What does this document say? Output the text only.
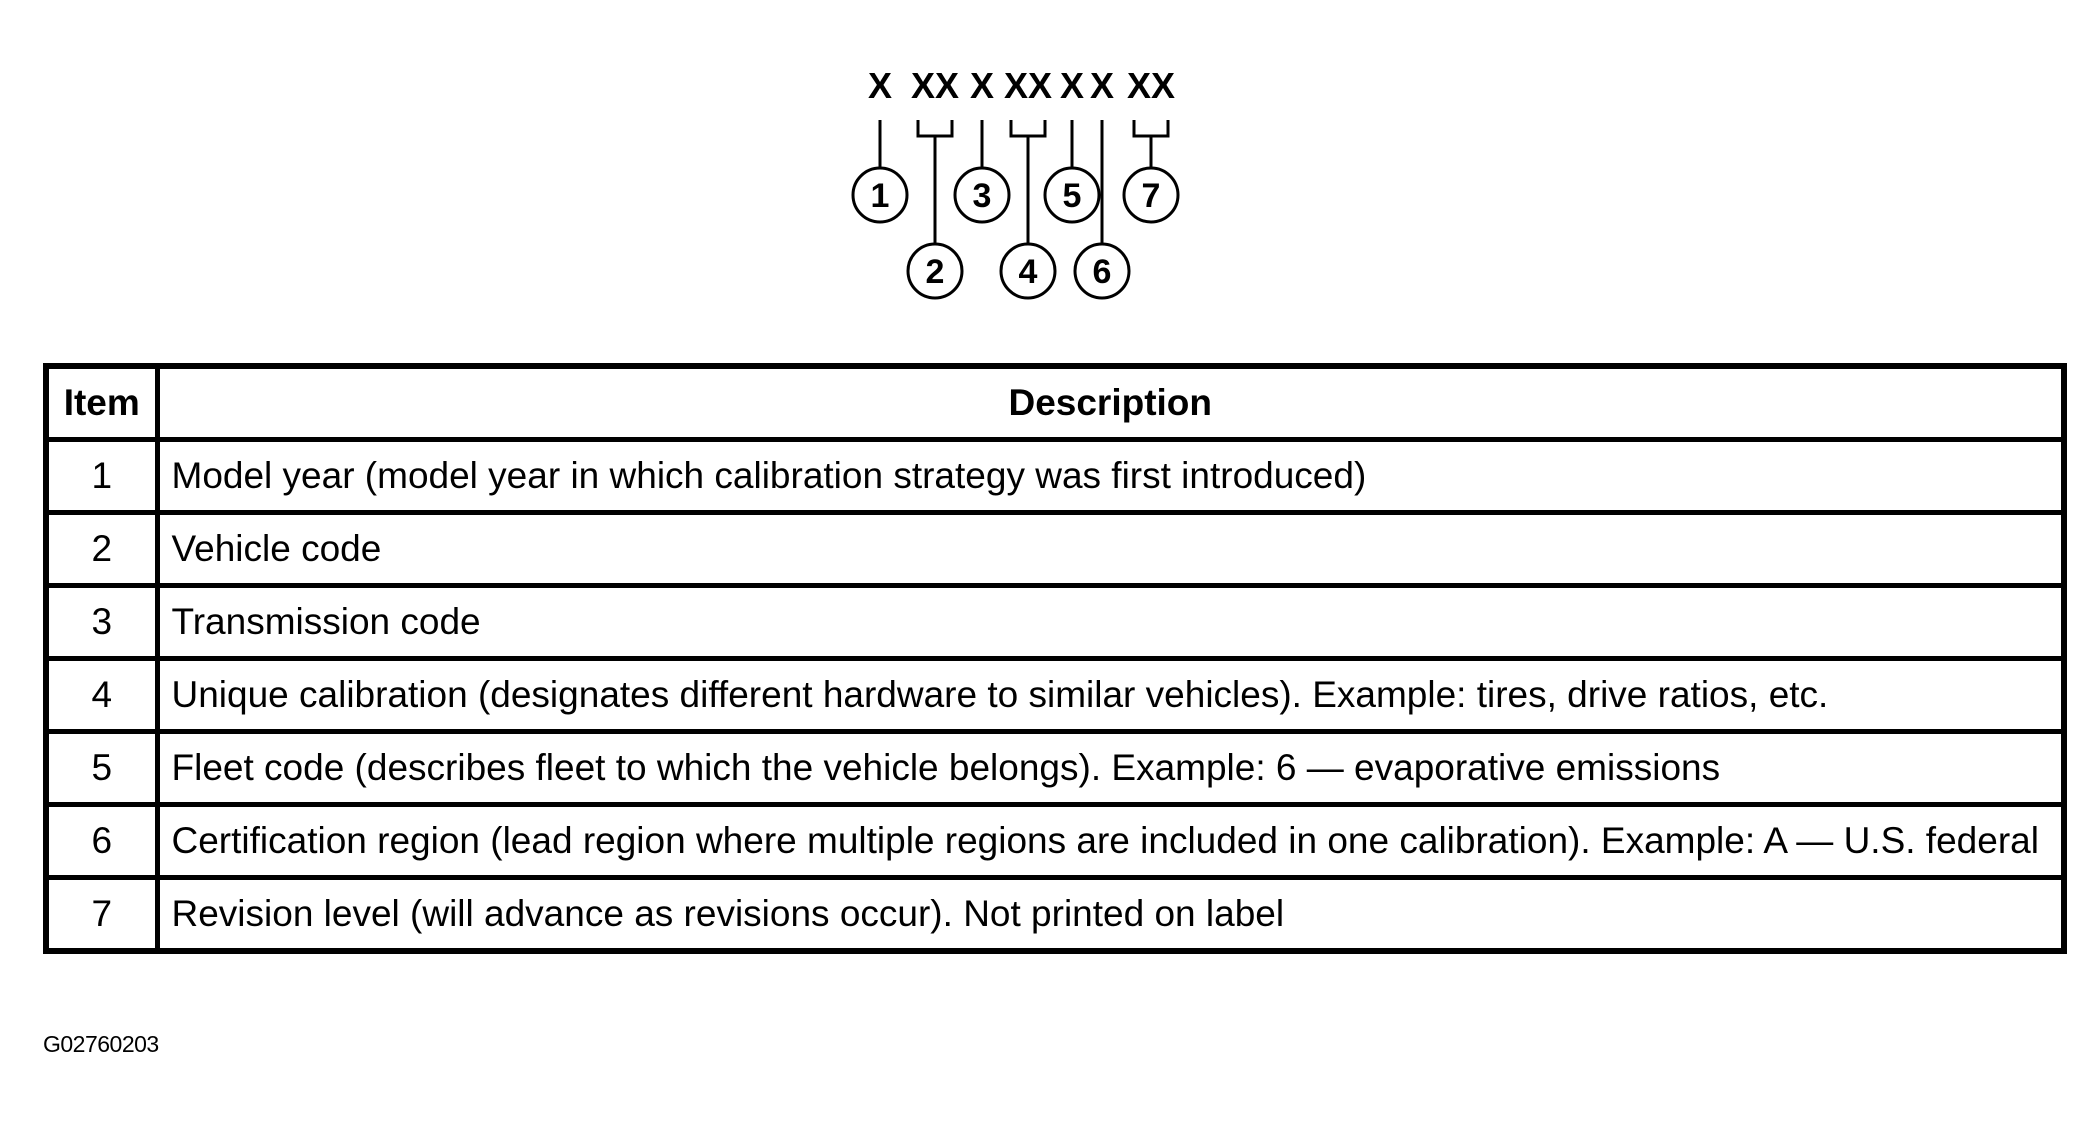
X XX X XX X X XX
1 3 5 7
2 4 6
Item	Description
1	Model year (model year in which calibration strategy was first introduced)
2	Vehicle code
3	Transmission code
4	Unique calibration (designates different hardware to similar vehicles). Example: tires, drive ratios, etc.
5	Fleet code (describes fleet to which the vehicle belongs). Example: 6 — evaporative emissions
6	Certification region (lead region where multiple regions are included in one calibration). Example: A — U.S. federal
7	Revision level (will advance as revisions occur). Not printed on label
G02760203
